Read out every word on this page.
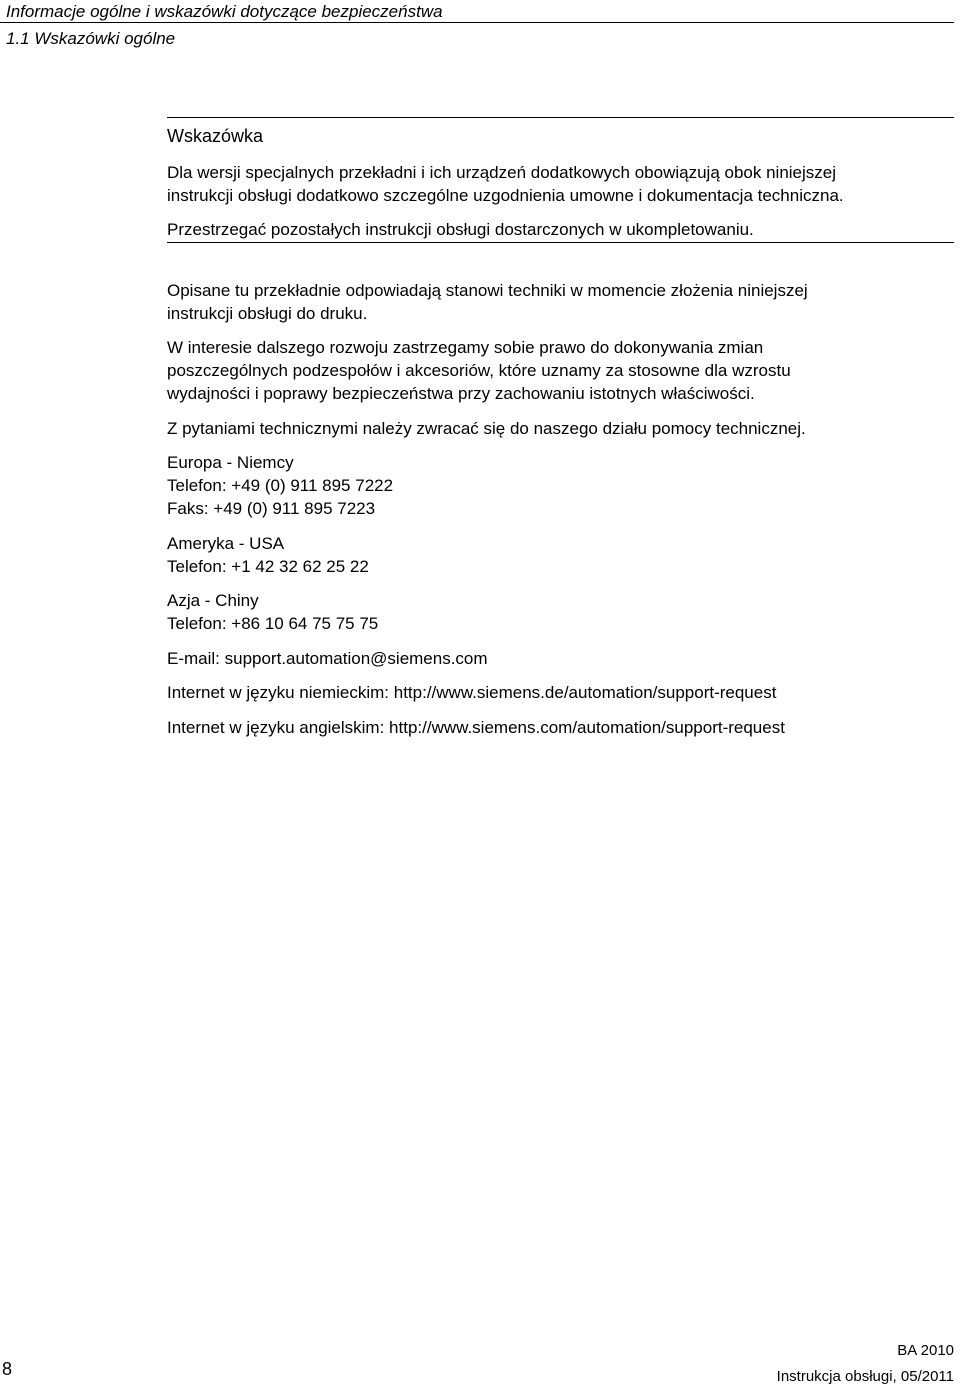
Informacje ogólne i wskazówki dotyczące bezpieczeństwa
1.1 Wskazówki ogólne
Wskazówka
Dla wersji specjalnych przekładni i ich urządzeń dodatkowych obowiązują obok niniejszej
instrukcji obsługi dodatkowo szczególne uzgodnienia umowne i dokumentacja techniczna.
Przestrzegać pozostałych instrukcji obsługi dostarczonych w ukompletowaniu.
Opisane tu przekładnie odpowiadają stanowi techniki w momencie złożenia niniejszej
instrukcji obsługi do druku.
W interesie dalszego rozwoju zastrzegamy sobie prawo do dokonywania zmian
poszczególnych podzespołów i akcesoriów, które uznamy za stosowne dla wzrostu
wydajności i poprawy bezpieczeństwa przy zachowaniu istotnych właściwości.
Z pytaniami technicznymi należy zwracać się do naszego działu pomocy technicznej.
Europa - Niemcy
Telefon: +49 (0) 911 895 7222
Faks: +49 (0) 911 895 7223
Ameryka - USA
Telefon: +1 42 32 62 25 22
Azja - Chiny
Telefon: +86 10 64 75 75 75
E-mail: support.automation@siemens.com
Internet w języku niemieckim: http://www.siemens.de/automation/support-request
Internet w języku angielskim: http://www.siemens.com/automation/support-request
8
BA 2010
Instrukcja obsługi, 05/2011
